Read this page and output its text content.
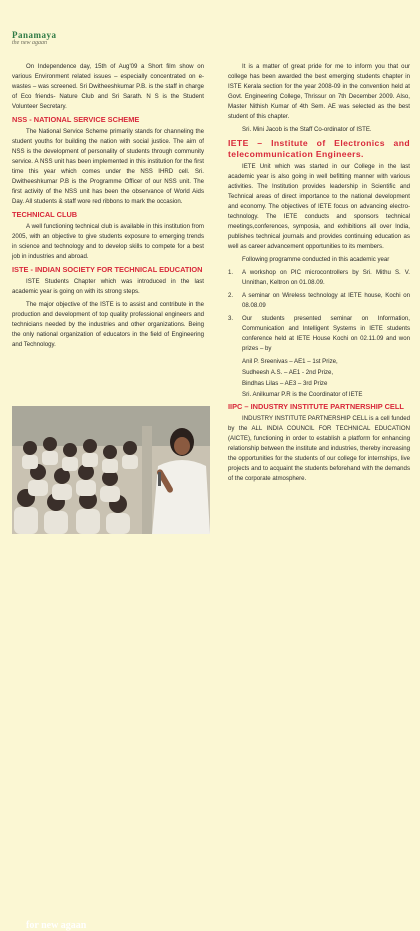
Panamaya
the new agaan

On Independence day, 15th of Aug'09 a Short film show on various Environment related issues – especially concentrated on e-wastes – was screened. Sri Dwitheeshkumar P.B. is the staff in charge of Eco friends- Nature Club and Sri Sarath. N S is the Student Volunteer Secretary.

NSS - NATIONAL SERVICE SCHEME

The National Service Scheme primarily stands for channeling the student youths for building the nation with social justice. The aim of NSS is the development of personality of students through community service. A NSS unit has been implemented in this institution for the first time this year which comes under the NSS IHRD cell. Sri. Dwitheeshkumar P.B is the Programme Officer of our NSS unit. The first activity of the NSS unit has been the observance of World Aids Day. All students & staff wore red ribbons to mark the occasion.

TECHNICAL CLUB

A well functioning technical club is available in this institution from 2005, with an objective to give students exposure to emerging trends in science and technology and to develop skills to compete for a best job in industries and abroad.

ISTE - INDIAN SOCIETY FOR TECHNICAL EDUCATION

ISTE Students Chapter which was introduced in the last academic year is going on with its strong steps.

The major objective of the ISTE is to assist and contribute in the production and development of top quality professional engineers and technicians needed by the industries and other organizations. Being the only national organization of educators in the field of Engineering and Technology.

for new agaan

It is a matter of great pride for me to inform you that our college has been awarded the best emerging students chapter in ISTE Kerala section for the year 2008-09 in the convention held at Govt. Engineering College, Thrissur on 7th December 2009. Also, Master Nithish Kumar of 4th Sem. AE was selected as the best student of this chapter.

Sri. Mini Jacob is the Staff Co-ordinator of ISTE.

IETE – Institute of Electronics and telecommunication Engineers.

IETE Unit which was started in our College in the last academic year is also going in well befitting manner with various activities. The Institution provides leadership in Scientific and Technical areas of direct importance to the national development and economy. The objectives of IETE focus on advancing electro-technology. The IETE conducts and sponsors technical meetings,conferences, symposia, and exhibitions all over India, publishes technical journals and provides continuing education as well as career advancement opportunities to its members.

Following programme conducted in this academic year

1. A workshop on PIC microcontrollers by Sri. Mithu S. V. Unnithan, Keltron on 01.08.09.
2. A seminar on Wireless technology at IETE house, Kochi on 08.08.09
3. Our students presented seminar on Information, Communication and Intelligent Systems in IETE students conference held at IETE House Kochi on 02.11.09 and won prizes – by
Anil P. Sreenivas – AE1 – 1st Prize,
Sudheesh A.S. – AE1 - 2nd Prize,
Bindhas Lilas – AE3 – 3rd Prize

Sri. Anilkumar P.R is the Coordinator of IETE

IIPC – INDUSTRY INSTITUTE PARTNERSHIP CELL

INDUSTRY INSTITUTE PARTNERSHIP CELL is a cell funded by the ALL INDIA COUNCIL FOR TECHNICAL EDUCATION (AICTE), functioning in order to establish a platform for enhancing relationship between the institute and industries, thereby increasing the opportunities for the students of our college for internships, live projects and to acquaint the students beforehand with the demands of the corporate atmosphere.
